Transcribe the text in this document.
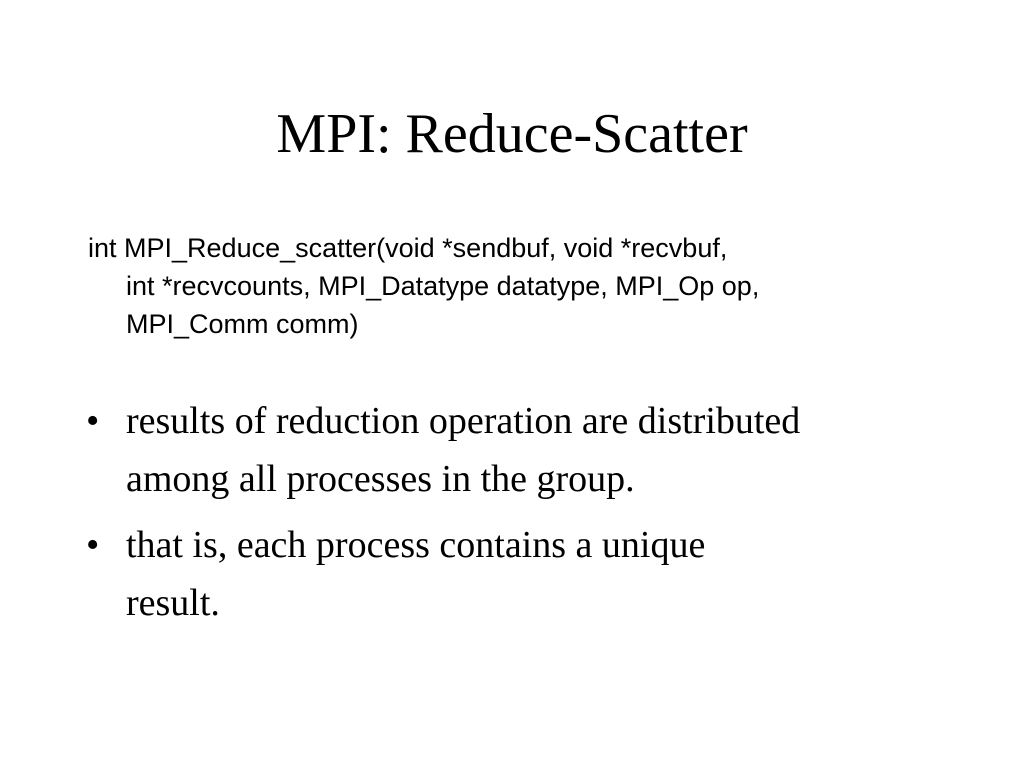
MPI: Reduce-Scatter
int MPI_Reduce_scatter(void *sendbuf, void *recvbuf,
int *recvcounts, MPI_Datatype datatype, MPI_Op op,
MPI_Comm comm)
• results of reduction operation are distributed
among all processes in the group.
• that is, each process contains a unique
result.
